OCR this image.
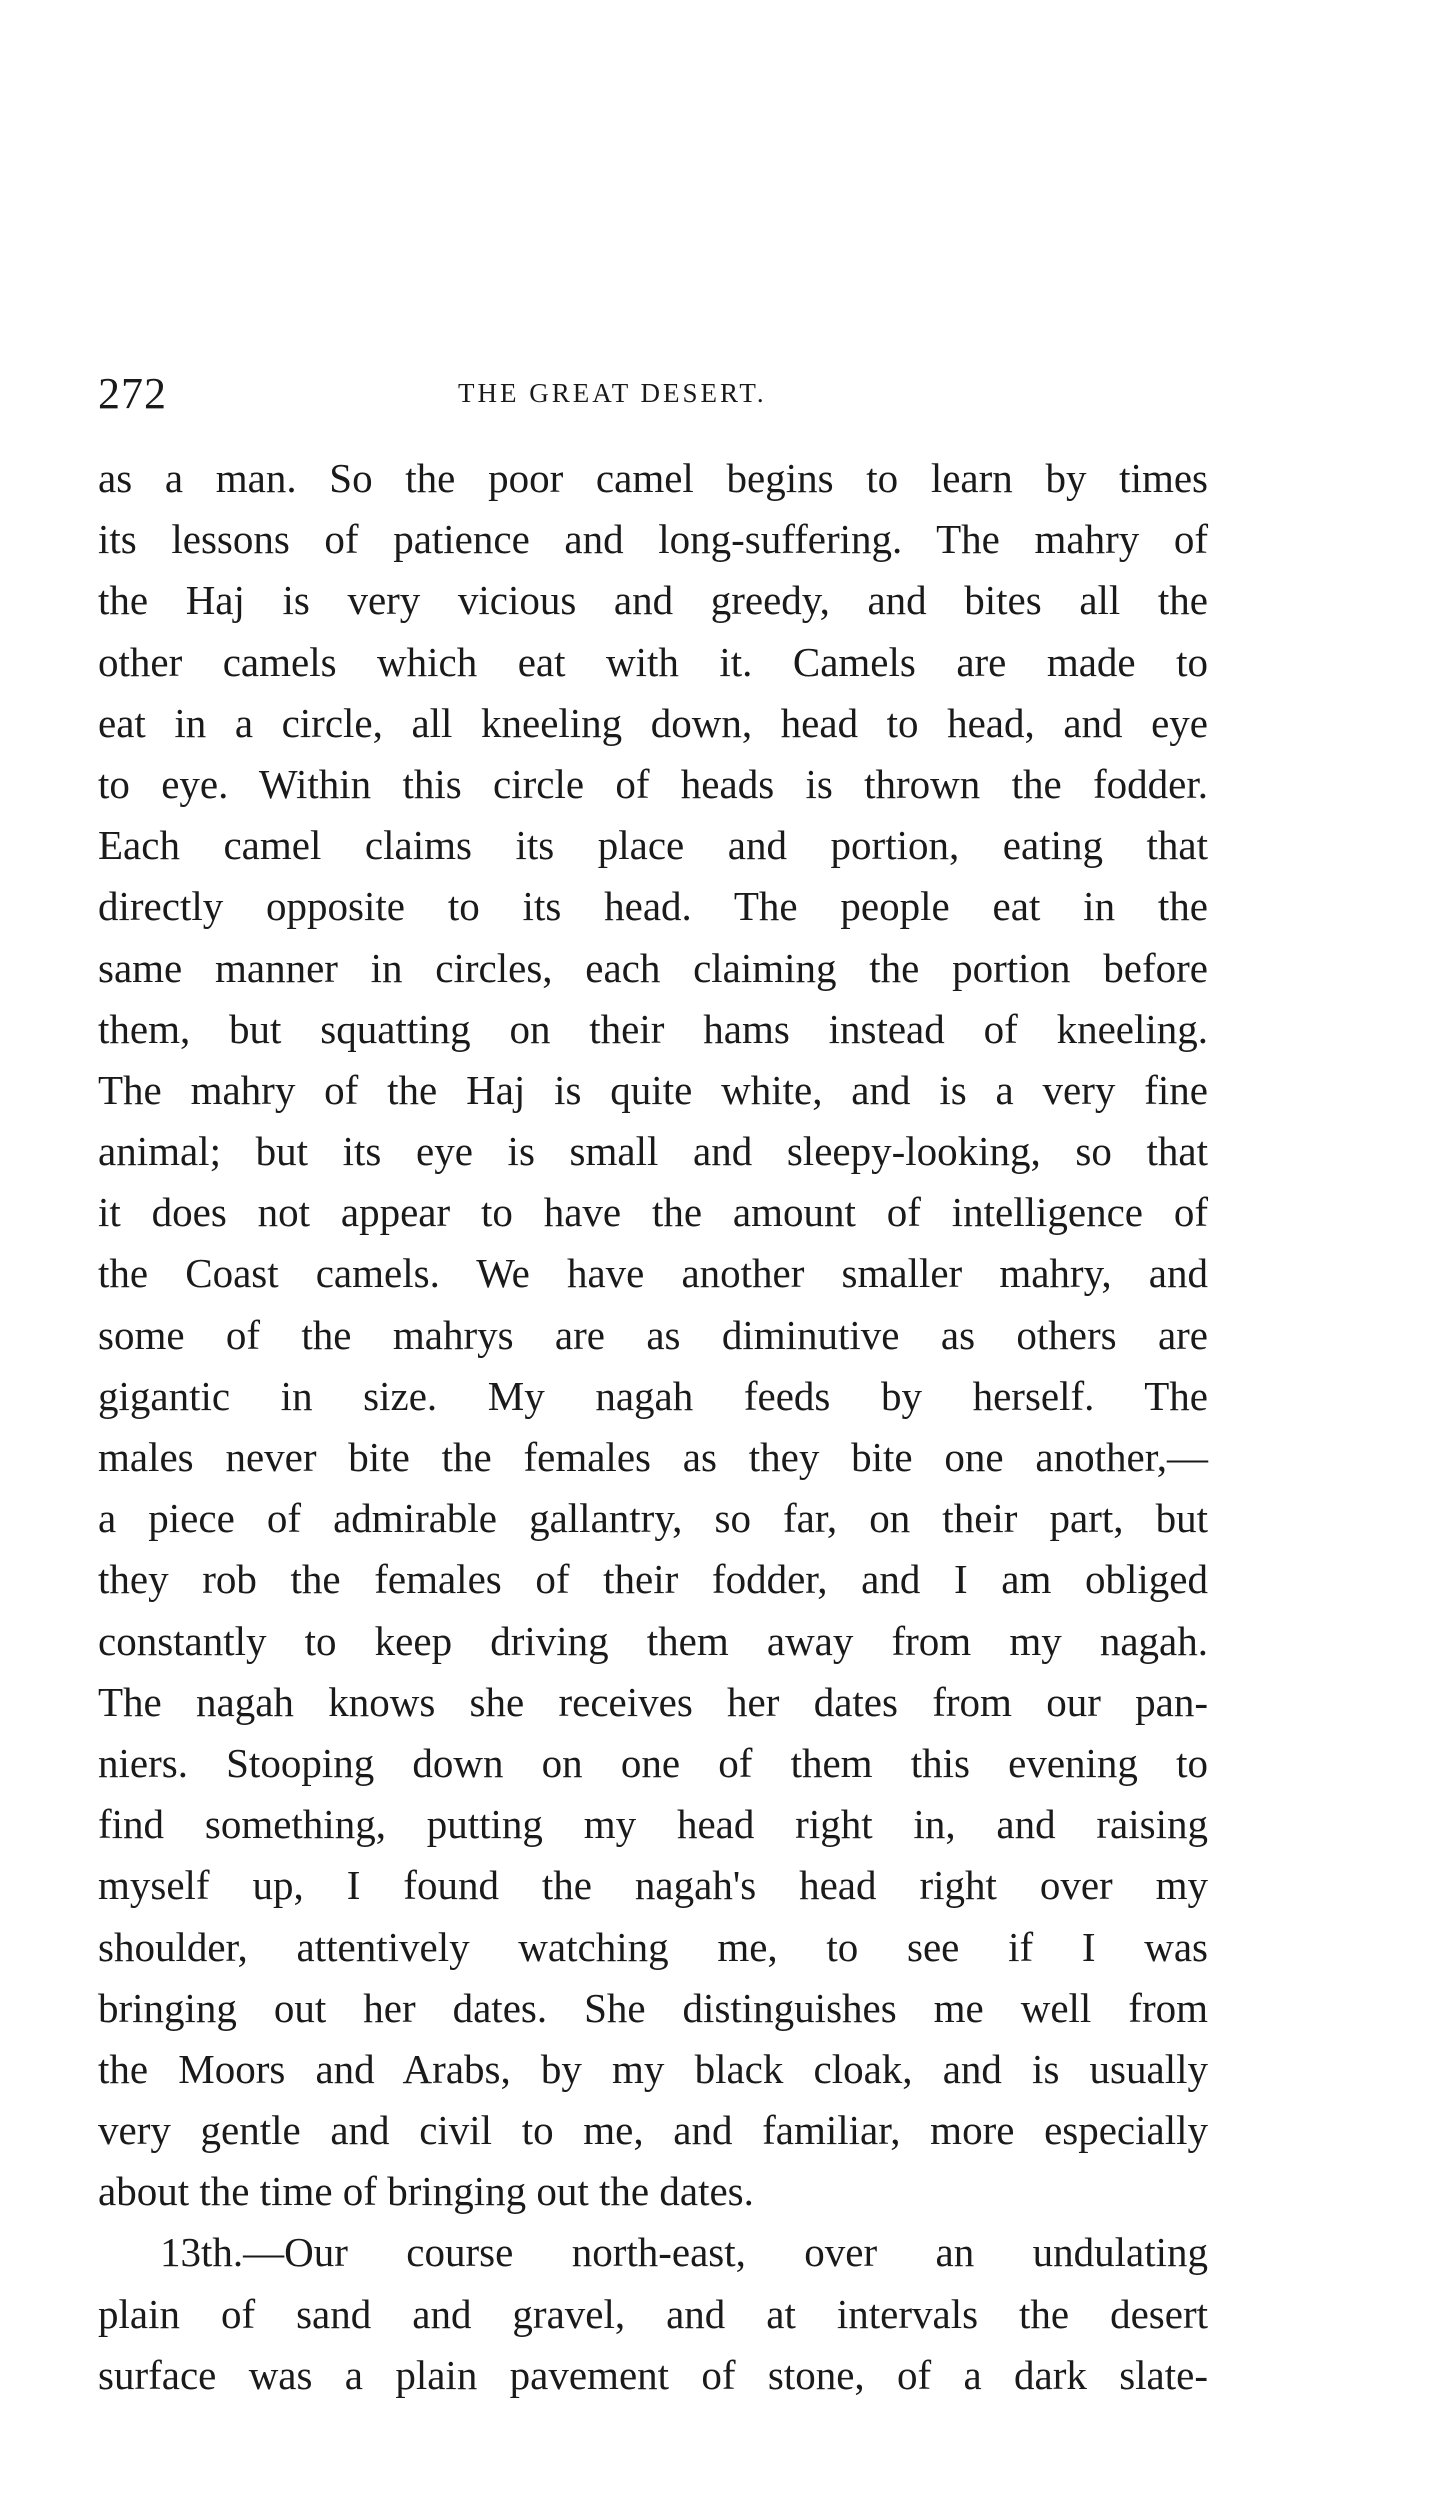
272	THE GREAT DESERT.
as a man. So the poor camel begins to learn by times
its lessons of patience and long-suffering. The mahry of
the Haj is very vicious and greedy, and bites all the
other camels which eat with it. Camels are made to
eat in a circle, all kneeling down, head to head, and eye
to eye. Within this circle of heads is thrown the fodder.
Each camel claims its place and portion, eating that
directly opposite to its head. The people eat in the
same manner in circles, each claiming the portion before
them, but squatting on their hams instead of kneeling.
The mahry of the Haj is quite white, and is a very fine
animal; but its eye is small and sleepy-looking, so that
it does not appear to have the amount of intelligence of
the Coast camels. We have another smaller mahry, and
some of the mahrys are as diminutive as others are
gigantic in size. My nagah feeds by herself. The
males never bite the females as they bite one another,—
a piece of admirable gallantry, so far, on their part, but
they rob the females of their fodder, and I am obliged
constantly to keep driving them away from my nagah.
The nagah knows she receives her dates from our pan-
niers. Stooping down on one of them this evening to
find something, putting my head right in, and raising
myself up, I found the nagah's head right over my
shoulder, attentively watching me, to see if I was
bringing out her dates. She distinguishes me well from
the Moors and Arabs, by my black cloak, and is usually
very gentle and civil to me, and familiar, more especially
about the time of bringing out the dates.
13th.—Our course north-east, over an undulating
plain of sand and gravel, and at intervals the desert
surface was a plain pavement of stone, of a dark slate-
